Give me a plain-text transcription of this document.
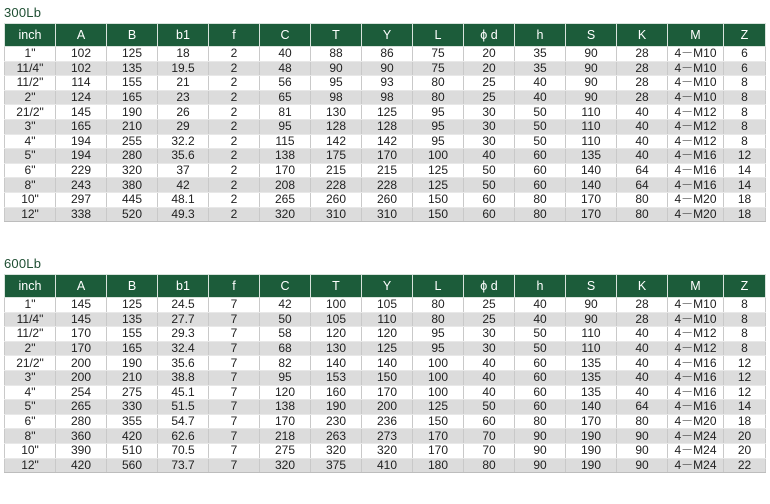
300Lb
inch	A	B	b1	f	C	T	Y	L	ϕ d	h	S	K	M	Z
1"	102	125	18	2	40	88	86	75	20	35	90	28	4－M10	6
11/4"	102	135	19.5	2	48	90	90	75	20	35	90	28	4－M10	6
11/2"	114	155	21	2	56	95	93	80	25	40	90	28	4－M10	8
2"	124	165	23	2	65	98	98	80	25	40	90	28	4－M10	8
21/2"	145	190	26	2	81	130	125	95	30	50	110	40	4－M12	8
3"	165	210	29	2	95	128	128	95	30	50	110	40	4－M12	8
4"	194	255	32.2	2	115	142	142	95	30	50	110	40	4－M12	8
5"	194	280	35.6	2	138	175	170	100	40	60	135	40	4－M16	12
6"	229	320	37	2	170	215	215	125	50	60	140	64	4－M16	14
8"	243	380	42	2	208	228	228	125	50	60	140	64	4－M16	14
10"	297	445	48.1	2	265	260	260	150	60	80	170	80	4－M20	18
12"	338	520	49.3	2	320	310	310	150	60	80	170	80	4－M20	18
600Lb
inch	A	B	b1	f	C	T	Y	L	ϕ d	h	S	K	M	Z
1"	145	125	24.5	7	42	100	105	80	25	40	90	28	4－M10	8
11/4"	145	135	27.7	7	50	105	110	80	25	40	90	28	4－M10	8
11/2"	170	155	29.3	7	58	120	120	95	30	50	110	40	4－M12	8
2"	170	165	32.4	7	68	130	125	95	30	50	110	40	4－M12	8
21/2"	200	190	35.6	7	82	140	140	100	40	60	135	40	4－M16	12
3"	200	210	38.8	7	95	153	150	100	40	60	135	40	4－M16	12
4"	254	275	45.1	7	120	160	170	100	40	60	135	40	4－M16	12
5"	265	330	51.5	7	138	190	200	125	50	60	140	64	4－M16	14
6"	280	355	54.7	7	170	230	236	150	60	80	170	80	4－M20	18
8"	360	420	62.6	7	218	263	273	170	70	90	190	90	4－M24	20
10"	390	510	70.5	7	275	320	320	170	70	90	190	90	4－M24	20
12"	420	560	73.7	7	320	375	410	180	80	90	190	90	4－M24	22
